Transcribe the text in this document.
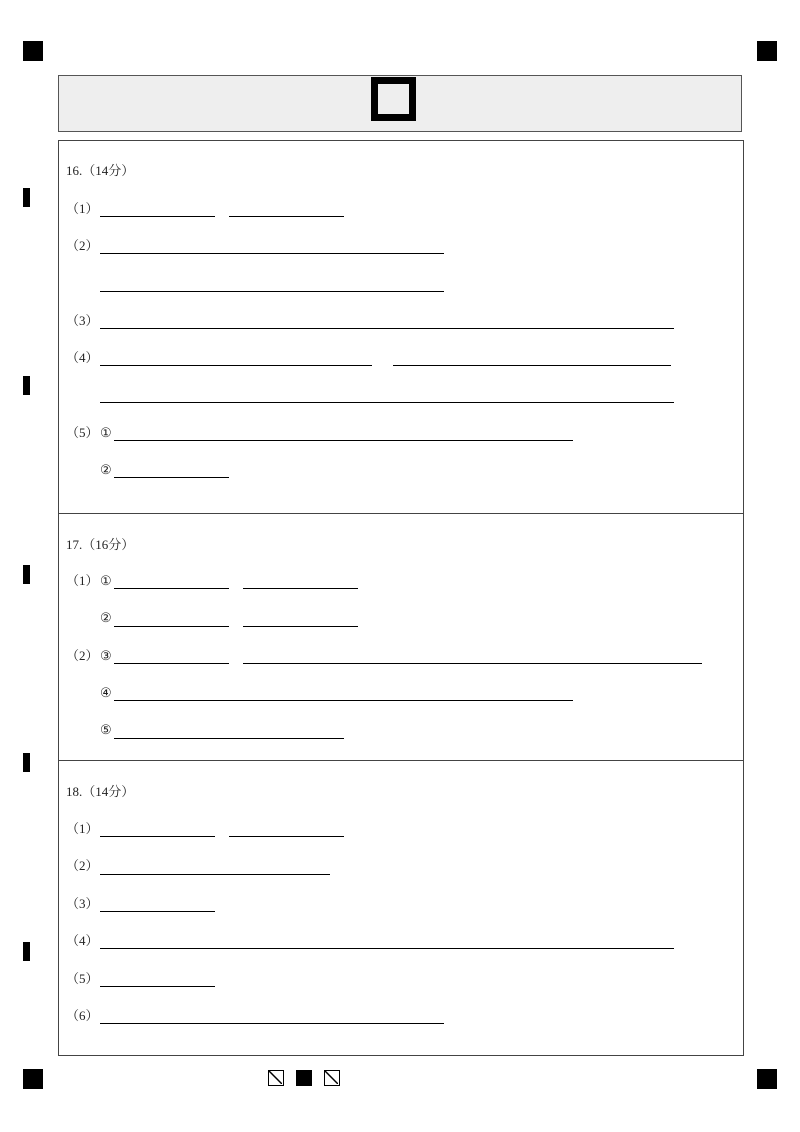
16.（14分）
（1）
（2）
（3）
（4）
（5） ①
②
17.（16分）
（1） ①
②
（2） ③
④
⑤
18.（14分）
（1）
（2）
（3）
（4）
（5）
（6）
